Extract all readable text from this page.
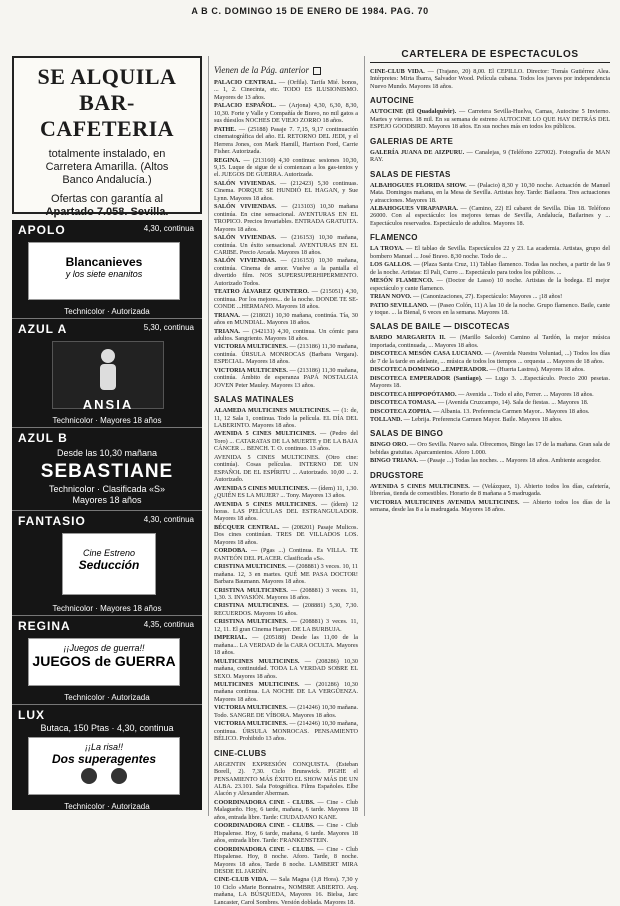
A B C. DOMINGO 15 DE ENERO DE 1984. PAG. 70
SE ALQUILA
BAR-CAFETERIA
totalmente instalado, en
Carretera Amarilla. (Altos
Banco Andalucía.)
Ofertas con garantía al
Apartado 7.058. Sevilla.
APOLO	4,30, continua
Blancanieves
y los siete enanitos
Technicolor · Autorizada
AZUL A	5,30, continua
ANSIA
Technicolor · Mayores 18 años
AZUL B
Desde las 10,30 mañana
SEBASTIANE
Technicolor · Clasificada «S»
Mayores 18 años
FANTASIO	4,30, continua
Cine Estreno
Seducción
Technicolor · Mayores 18 años
REGINA	4,35, continua
¡¡Juegos de guerra!!
JUEGOS de GUERRA
Technicolor · Autorizada
LUX
Butaca, 150 Ptas · 4,30, continua
¡¡La risa!!
Dos superagentes
Technicolor · Autorizada
Vienen de la Pág. anterior

PALACIO CENTRAL. — (Orfila). Tarifa Mié. bonos, ... 1, 2. Cinecinta, etc. TODO ES ILUSIONISMO. Mayores de 13 años.

PALACIO ESPAÑOL. — (Arjona) 4,30, 6,30, 8,30, 10,30. Forte y Valle y Compañía de Bravo, no mil gatos a sus dúesilos NOCHES DE VIEJO ZORRO 18 años.

PATHE. — (25188) Pasaje 7. 7,15, 9,17 continuación cinematográfica del año. EL RETORNO DEL JEDI, y el Herrera Jones, con Mark Hamill, Harrison Ford, Carrie Fisher. Autorizada.

REGINA. — (213160) 4,30 continua: sesiones 10,30, 9,15. Luque de sigue de sí comienzan a los gas-tentos y el. JUEGOS DE GUERRA. Autorizada.

SALÓN VIVIENDAS. — (212423) 5,30 continuas. Cinema. PORQUE SE HUNDIÓ EL HAGAN, y Sue Lynn. Mayores 18 años.

SALÓN VIVIENDAS. — (213103) 10,30 mañana continúa. En cine sensacional. AVENTURAS EN EL TROPICO. Precios Invariables. ENTRADA GRATUITA. Mayores 18 años.

SALÓN VIVIENDAS. — (216153) 10,30 mañana, continúa. Un éxito sensacional. AVENTURAS EN EL CARIBE. Precio Arcada. Mayores 18 años.

SALÓN VIVIENDAS. — (216153) 10,30 mañana, continúa. Cinema de amor. Vuelve a la pantalla el divertido film. NOS SUPERSUPERHIPERMENTO. Autorizado Todos.

TEATRO ÁLVAREZ QUINTERO. — (215051) 4,30, continua. Por los mejores... de la noche. DONDE TE SE-CONDE ...HERMANO. Mayores 18 años.

TRIANA. — (218021) 10,30 mañana, continúa. Tía, 30 años en MUNDIAL. Mayores 18 años.

TRIANA. — (342131) 4,30, continua. Un cómic para adultos. Sangriento. Mayores 18 años.

VICTORIA MULTICINES. — (213186) 11,30 mañana, continúa. ÚRSULA MONROCAS (Barbara Vergara). ESPECIAL. Mayores 18 años.

VICTORIA MULTICINES. — (213186) 11,30 mañana, continúa. Ámbito de esperanza PAPÁ NOSTALGIA JOVEN Peter Mauley. Mayores 13 años.

SALAS MATINALES

ALAMEDA MULTICINES MULTICINES. — (1: de, 11, 12 Sala 1, continua. Todo la película. EL DÍA DEL LABERINTO. Mayores 18 años.

AVENIDA 5 CINES MULTICINES. — (Pedro del Toro) ... CATARATAS DE LA MUERTE y DE LA BAJA CÁNCER ... BENCH. T. O. continuo. 13 años.

AVENIDA 5 CINES MULTICINES. (Otro cine: continúa). Cosas películas. INTERNO DE UN ESPAÑOL DE EL ESPÍRITU ... Autorizado. 10,00 ... 2. Autorizado.

AVENIDA 5 CINES MULTICINES. — (ídem) 11, 1,30. ¿QUIÉN ES LA MUJER? ... Tony. Mayores 13 años.

AVENIDA 5 CINES MULTICINES. — (ídem) 12 horas. LAS PELÍCULAS DEL ESTRANGULADOR. Mayores 18 años.

BÉCQUER CENTRAL. — (208201) Pasaje Mulicos. Dos cines continúan. TRES DE VILLADOS LOS. Mayores 18 años.

CORDOBA. — (Pgas ...) Continua. Es VILLA. TE PANTEÓN DEL PLACER. Clasificada «S».

CRISTINA MULTICINES. — (208881) 3 veces. 10, 11 mañana. 12, 3 en martes. QUÉ ME PASA DOCTOR! Barbara Baumann. Mayores 18 años.

CRISTINA MULTICINES. — (208881) 3 veces. 11, 1,30. 3. INVASIÓN. Mayores 18 años.

CRISTINA MULTICINES. — (208881) 5,30, 7,30. RECUERDOS. Mayores 16 años.

CRISTINA MULTICINES. — (208881) 3 veces. 11, 12, 11. El gran Cinema Harper. DE LA BURBUJA.

IMPERIAL. — (205188) Desde las 11,00 de la mañana... LA VERDAD de la CARA OCULTA. Mayores 18 años.

MULTICINES MULTICINES. — (208286) 10,30 mañana, continuidad. TODA LA VERDAD SOBRE EL SEXO. Mayores 18 años.

MULTICINES MULTICINES. — (201286) 10,30 mañana continua. LA NOCHE DE LA VERGÜENZA. Mayores 18 años.

VICTORIA MULTICINES. — (214246) 10,30 mañana. Todo. SANGRE DE VÍBORA. Mayores 18 años.

VICTORIA MULTICINES. — (214246) 10,30 mañana, continua. ÚRSULA MONROCAS. PENSAMIENTO BÉLICO. Prohibido 13 años.

CINE-CLUBS

ARGENTIN EXPRESIÓN CONQUISTA. (Esteban Borell, 2). 7,30. Ciclo Brunswick. PIGHE el PENSAMIENTO MÁS ÉXITO EL SHOW MÁS DE UN ALBA. 23.101. Sala Fotográfica. Films Españoles. Elbe Alacón y Alexander Aberman.

COORDINADORA CINE - CLUBS. — Cine - Club Malagueño. Hoy, 6 tarde, mañana, 6 tarde. Mayores 18 años, entrada libre. Tarde: CIUDADANO KANE.

COORDINADORA CINE - CLUBS. — Cine - Club Hispalense. Hoy, 6 tarde, mañana, 6 tarde. Mayores 18 años, entrada libre. Tarde: FRANKENSTEIN.

COORDINADORA CINE - CLUBS. — Cine - Club Hispalense. Hoy, 8 noche. Aforo. Tarde, 8 noche. Mayores 18 años. Tarde 8 noche. LAMBERT MIRA DESDE EL JARDÍN.

CINE-CLUB VIDA. — Sala Magna (1,8 Hora). 7,30 y 10 Ciclo «Marie Bonnaire», NOMBRE ABIERTO. Arq. mañana, LA BÚSQUEDA, Mayores 16. Bielsa, Jarc Lancaster, Carol Sombres. Versión doblada. Mayores 18.

CARTELERA DE ESPECTACULOS

CINE-CLUB VIDA. — (Trajano, 20) 8,00. El CEPILLO. Director: Tomás Gutiérrez Alea. Intérpretes: Mirta Ibarra, Salvador Wood. Película cubana. Todos los jueves por independencia Nuevo Mundo. Mayores 18 años.

AUTOCINE

AUTOCINE (El Quadalquivir). — Carretera Sevilla-Huelva, Camas, Autocine 5 Invierno. Martes y viernes. 18 mil. En su semana de estreno AUTOCINE LO QUE HAY DETRÁS DEL ESPEJO GOODBIRD. Mayores 18 años. En sus noches más en todos los públicos.

GALERIAS DE ARTE

GALERÍA JUANA DE AIZPURU. — Canalejas, 9 (Teléfono 227002). Fotografía de MAN RAY.

SALAS DE FIESTAS

ALBAHOGUES FLORIDA SHOW. — (Palacio) 8,30 y 10,30 noche. Actuación de Manuel Mata. Domingos mañana, en la Mesa de Sevilla. Artistas hoy. Tarde: Bailaora. Tres actuaciones y atracciones. Mayores 18.

ALBAHOGUES VIRAPAPARA. — (Camino, 22) El cabaret de Sevilla. Días 18. Teléfono 26000. Con al espectáculo: los mejores temas de Sevilla, Andalucía, Bailarines y ... Espectáculos reservados. Espectáculo de adultos. Mayores 18.

FLAMENCO

LA TROYA. — El tablao de Sevilla. Espectáculos 22 y 23. La academia. Artistas, grupo del bombero Manuel ... José Bravo. 8,30 noche. Todo de ...

LOS GALLOS. — (Plaza Santa Cruz, 11) Tablao flamenco. Todas las noches, a partir de las 9 de la noche. Artistas: El Pali, Curro ... Espectáculo para todos los públicos. ...

MESÓN FLAMENCO. — (Doctor de Lasso) 10 noche. Artistas de la bodega. El mejor espectáculo y cante flamenco.

TRIAN NOVO. — (Canonizaciones, 27). Espectáculo: Mayores ... ¡18 años!

PATIO SEVILLANO. — (Paseo Colón, 11) A las 10 de la noche. Grupo flamenco. Baile, cante y toque. ... la Bienal, 6 veces en la semana. Mayores 18.

SALAS DE BAILE — DISCOTECAS

BARDO MARGARITA II. — (Marillo Salcedo) Camino al Tardón, la mejor música importada, continuada, ... Mayores 18 años.

DISCOTECA MESÓN CASA LUCIANO. — (Avenida Nuestra Voluntad, ...) Todos los días de 7 de la tarde en adelante, ... música de todos los tiempos ... orquesta ... Mayores de 18 años.

DISCOTECA DOMINGO ...EMPERADOR. — (Huerta Lastrea). Mayores 18 años.

DISCOTECA EMPERADOR (Santiago). — Lugo 3. ...Espectáculo. Precio 200 pesetas. Mayores 18.

DISCOTECA HIPPOPÓTAMO. — Avenida ... Todo el año, Ferrer. ... Mayores 18 años.

DISCOTECA TOMASA. — (Avenida Cruzcampo, 14). Sala de fiestas. ... Mayores 18.

DISCOTECA ZOPHA. — Albania. 13. Preferencia Carmen Mayor... Mayores 18 años.

TOLLAND. — Lebrija. Preferencia Carmen Mayor. Baile. Mayores 18 años.

SALAS DE BINGO

BINGO ORO. — Oro Sevilla. Nuevo sala. Ofrecemos, Bingo las 17 de la mañana. Gran sala de bebidas gratuitas. Aparcamientos. Aforo 1.000.

BINGO TRIANA. — (Pasaje ...) Todas las noches. ... Mayores 18 años. Ambiente acogedor.

DRUGSTORE

AVENIDA 5 CINES MULTICINES. — (Velázquez, 1). Abierto todos los días, cafetería, librerías, tienda de comestibles. Horario de 8 mañana a 5 madrugada.

VICTORIA MULTICINES AVENIDA MULTICINES. — Abierto todos los días de la semana, desde las 8 a la madrugada. Mayores 18 años.
